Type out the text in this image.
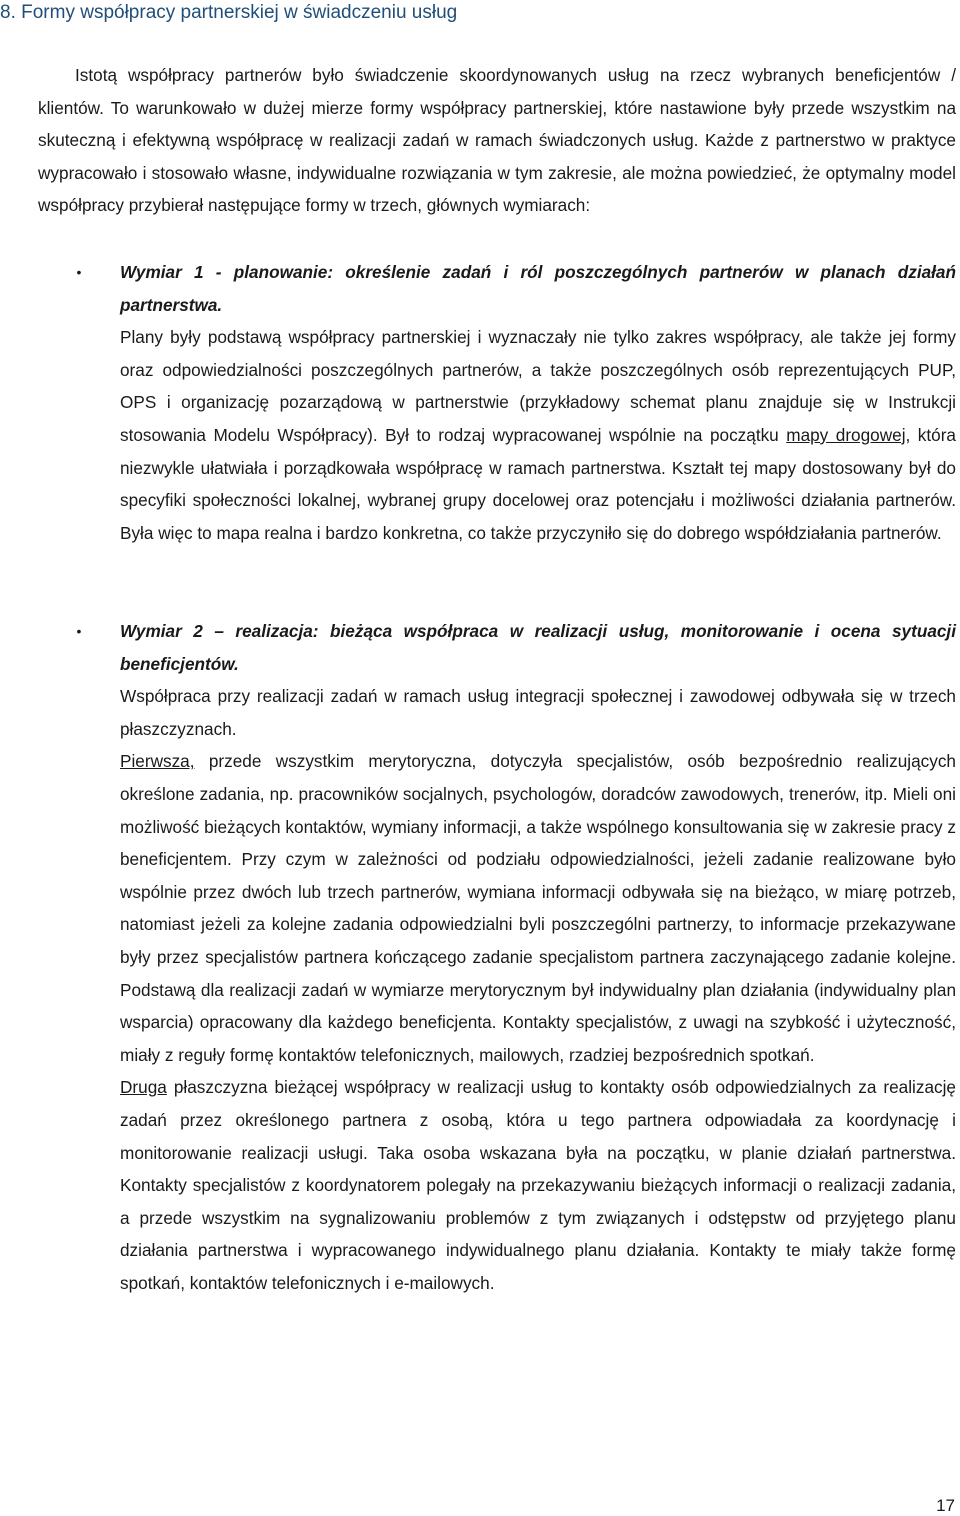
8. Formy współpracy partnerskiej w świadczeniu usług

Istotą współpracy partnerów było świadczenie skoordynowanych usług na rzecz wybranych beneficjentów / klientów. To warunkowało w dużej mierze formy współpracy partnerskiej, które nastawione były przede wszystkim na skuteczną i efektywną współpracę w realizacji zadań w ramach świadczonych usług. Każde z partnerstwo w praktyce wypracowało i stosowało własne, indywidualne rozwiązania w tym zakresie, ale można powiedzieć, że optymalny model współpracy przybierał następujące formy w trzech, głównych wymiarach:

•	Wymiar 1 - planowanie: określenie zadań i ról poszczególnych partnerów w planach działań partnerstwa.

Plany były podstawą współpracy partnerskiej i wyznaczały nie tylko zakres współpracy, ale także jej formy oraz odpowiedzialności poszczególnych partnerów, a także poszczególnych osób reprezentujących PUP, OPS i organizację pozarządową w partnerstwie (przykładowy schemat planu znajduje się w Instrukcji stosowania Modelu Współpracy). Był to rodzaj wypracowanej wspólnie na początku mapy drogowej, która niezwykle ułatwiała i porządkowała współpracę w ramach partnerstwa. Kształt tej mapy dostosowany był do specyfiki społeczności lokalnej, wybranej grupy docelowej oraz potencjału i możliwości działania partnerów. Była więc to mapa realna i bardzo konkretna, co także przyczyniło się do dobrego współdziałania partnerów.

•	Wymiar 2 – realizacja: bieżąca współpraca w realizacji usług, monitorowanie i ocena sytuacji beneficjentów.

Współpraca przy realizacji zadań w ramach usług integracji społecznej i zawodowej odbywała się w trzech płaszczyznach.

Pierwsza, przede wszystkim merytoryczna, dotyczyła specjalistów, osób bezpośrednio realizujących określone zadania, np. pracowników socjalnych, psychologów, doradców zawodowych, trenerów, itp. Mieli oni możliwość bieżących kontaktów, wymiany informacji, a także wspólnego konsultowania się w zakresie pracy z beneficjentem. Przy czym w zależności od podziału odpowiedzialności, jeżeli zadanie realizowane było wspólnie przez dwóch lub trzech partnerów, wymiana informacji odbywała się na bieżąco, w miarę potrzeb, natomiast jeżeli za kolejne zadania odpowiedzialni byli poszczególni partnerzy, to informacje przekazywane były przez specjalistów partnera kończącego zadanie specjalistom partnera zaczynającego zadanie kolejne. Podstawą dla realizacji zadań w wymiarze merytorycznym był indywidualny plan działania (indywidualny plan wsparcia) opracowany dla każdego beneficjenta. Kontakty specjalistów, z uwagi na szybkość i użyteczność, miały z reguły formę kontaktów telefonicznych, mailowych, rzadziej bezpośrednich spotkań.

Druga płaszczyzna bieżącej współpracy w realizacji usług to kontakty osób odpowiedzialnych za realizację zadań przez określonego partnera z osobą, która u tego partnera odpowiadała za koordynację i monitorowanie realizacji usługi. Taka osoba wskazana była na początku, w planie działań partnerstwa. Kontakty specjalistów z koordynatorem polegały na przekazywaniu bieżących informacji o realizacji zadania, a przede wszystkim na sygnalizowaniu problemów z tym związanych i odstępstw od przyjętego planu działania partnerstwa i wypracowanego indywidualnego planu działania. Kontakty te miały także formę spotkań, kontaktów telefonicznych i e-mailowych.

17
